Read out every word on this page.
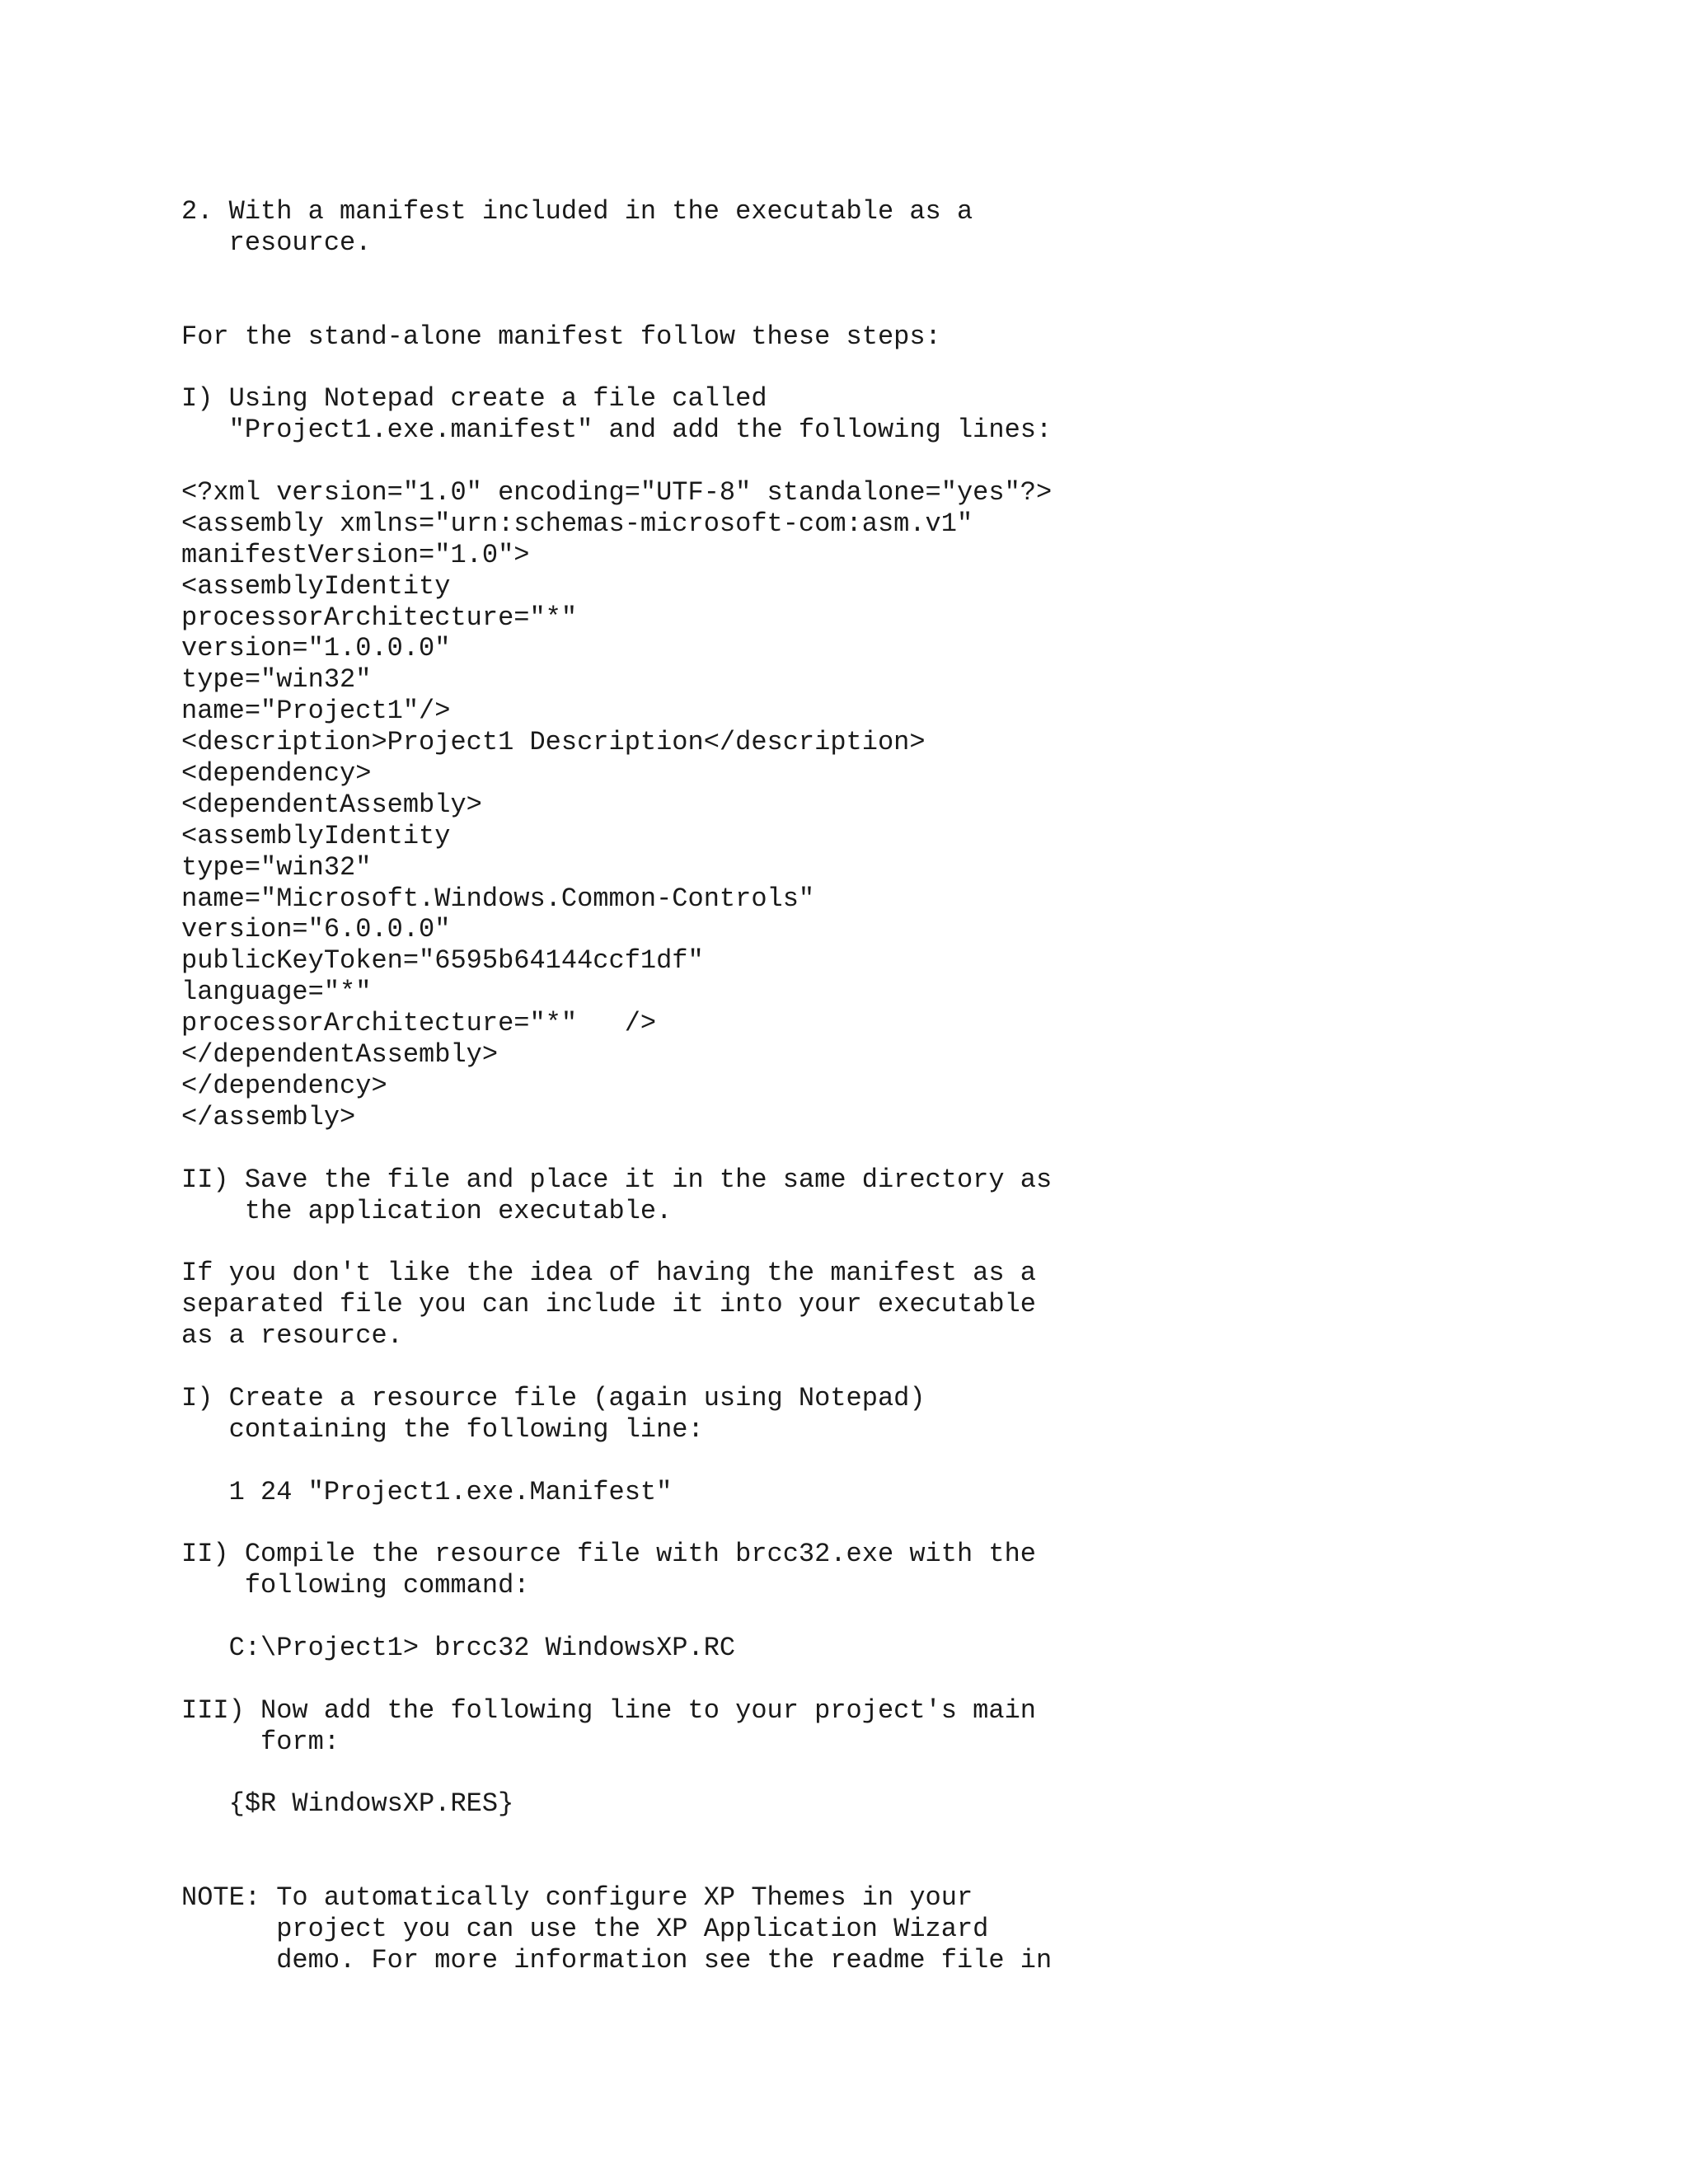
2. With a manifest included in the executable as a
resource.
For the stand-alone manifest follow these steps:
I) Using Notepad create a file called
"Project1.exe.manifest" and add the following lines:
<?xml version="1.0" encoding="UTF-8" standalone="yes"?>
<assembly xmlns="urn:schemas-microsoft-com:asm.v1"
manifestVersion="1.0">
<assemblyIdentity
processorArchitecture="*"
version="1.0.0.0"
type="win32"
name="Project1"/>
<description>Project1 Description</description>
<dependency>
<dependentAssembly>
<assemblyIdentity
type="win32"
name="Microsoft.Windows.Common-Controls"
version="6.0.0.0"
publicKeyToken="6595b64144ccf1df"
language="*"
processorArchitecture="*"   />
</dependentAssembly>
</dependency>
</assembly>
II) Save the file and place it in the same directory as
the application executable.
If you don't like the idea of having the manifest as a
separated file you can include it into your executable
as a resource.
I) Create a resource file (again using Notepad)
containing the following line:
1 24 "Project1.exe.Manifest"
II) Compile the resource file with brcc32.exe with the
following command:
C:\Project1> brcc32 WindowsXP.RC
III) Now add the following line to your project's main
form:
{$R WindowsXP.RES}
NOTE: To automatically configure XP Themes in your
project you can use the XP Application Wizard
demo. For more information see the readme file in
